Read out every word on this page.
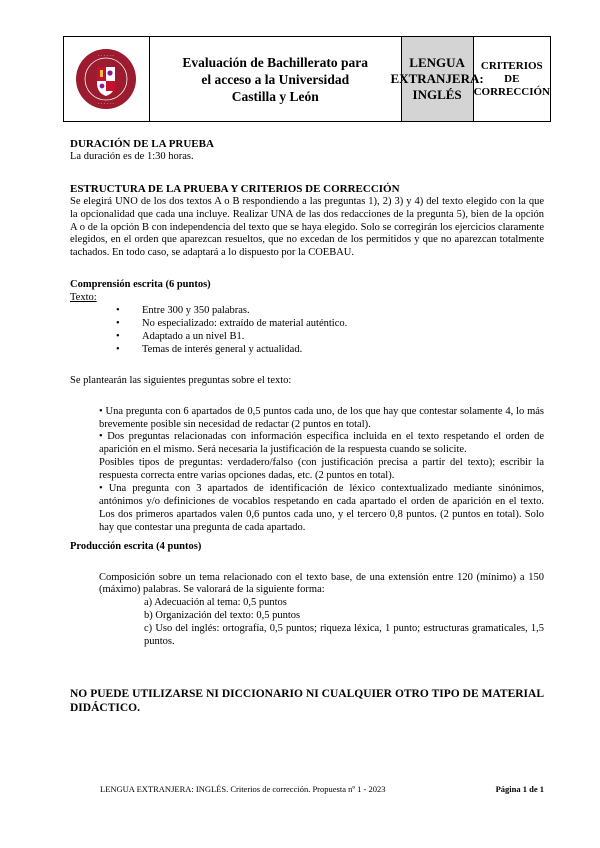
· · · · · ·
· · · · · ·
Evaluación de Bachillerato para
el acceso a la Universidad
Castilla y León
LENGUA
EXTRANJERA:
INGLÉS
CRITERIOS DE
CORRECCIÓN
DURACIÓN DE LA PRUEBA
La duración es de 1:30 horas.
ESTRUCTURA DE LA PRUEBA Y CRITERIOS DE CORRECCIÓN
Se elegirá UNO de los dos textos A o B respondiendo a las preguntas 1), 2) 3) y 4) del texto elegido con la que la opcionalidad que cada una incluye. Realizar UNA de las dos redacciones de la pregunta 5), bien de la opción A o de la opción B con independencia del texto que se haya elegido. Solo se corregirán los ejercicios claramente elegidos, en el orden que aparezcan resueltos, que no excedan de los permitidos y que no aparezcan totalmente tachados. En todo caso, se adaptará a lo dispuesto por la COEBAU.
Comprensión escrita (6 puntos)
Texto:
•	Entre 300 y 350 palabras.
•	No especializado: extraído de material auténtico.
•	Adaptado a un nivel B1.
•	Temas de interés general y actualidad.
Se plantearán las siguientes preguntas sobre el texto:
• Una pregunta con 6 apartados de 0,5 puntos cada uno, de los que hay que contestar solamente 4, lo más brevemente posible sin necesidad de redactar (2 puntos en total).
• Dos preguntas relacionadas con información específica incluida en el texto respetando el orden de aparición en el mismo. Será necesaria la justificación de la respuesta cuando se solicite.
Posibles tipos de preguntas: verdadero/falso (con justificación precisa a partir del texto); escribir la respuesta correcta entre varias opciones dadas, etc. (2 puntos en total).
• Una pregunta con 3 apartados de identificación de léxico contextualizado mediante sinónimos, antónimos y/o definiciones de vocablos respetando en cada apartado el orden de aparición en el texto. Los dos primeros apartados valen 0,6 puntos cada uno, y el tercero 0,8 puntos. (2 puntos en total). Solo hay que contestar una pregunta de cada apartado.
Producción escrita (4 puntos)
Composición sobre un tema relacionado con el texto base, de una extensión entre 120 (mínimo) a 150 (máximo) palabras. Se valorará de la siguiente forma:
a) Adecuación al tema: 0,5 puntos
b) Organización del texto: 0,5 puntos
c) Uso del inglés: ortografía, 0,5 puntos; riqueza léxica, 1 punto; estructuras gramaticales, 1,5 puntos.
NO PUEDE UTILIZARSE NI DICCIONARIO NI CUALQUIER OTRO TIPO DE MATERIAL DIDÁCTICO.
LENGUA EXTRANJERA: INGLÉS. Criterios de corrección. Propuesta nº 1 - 2023	Página 1 de 1
